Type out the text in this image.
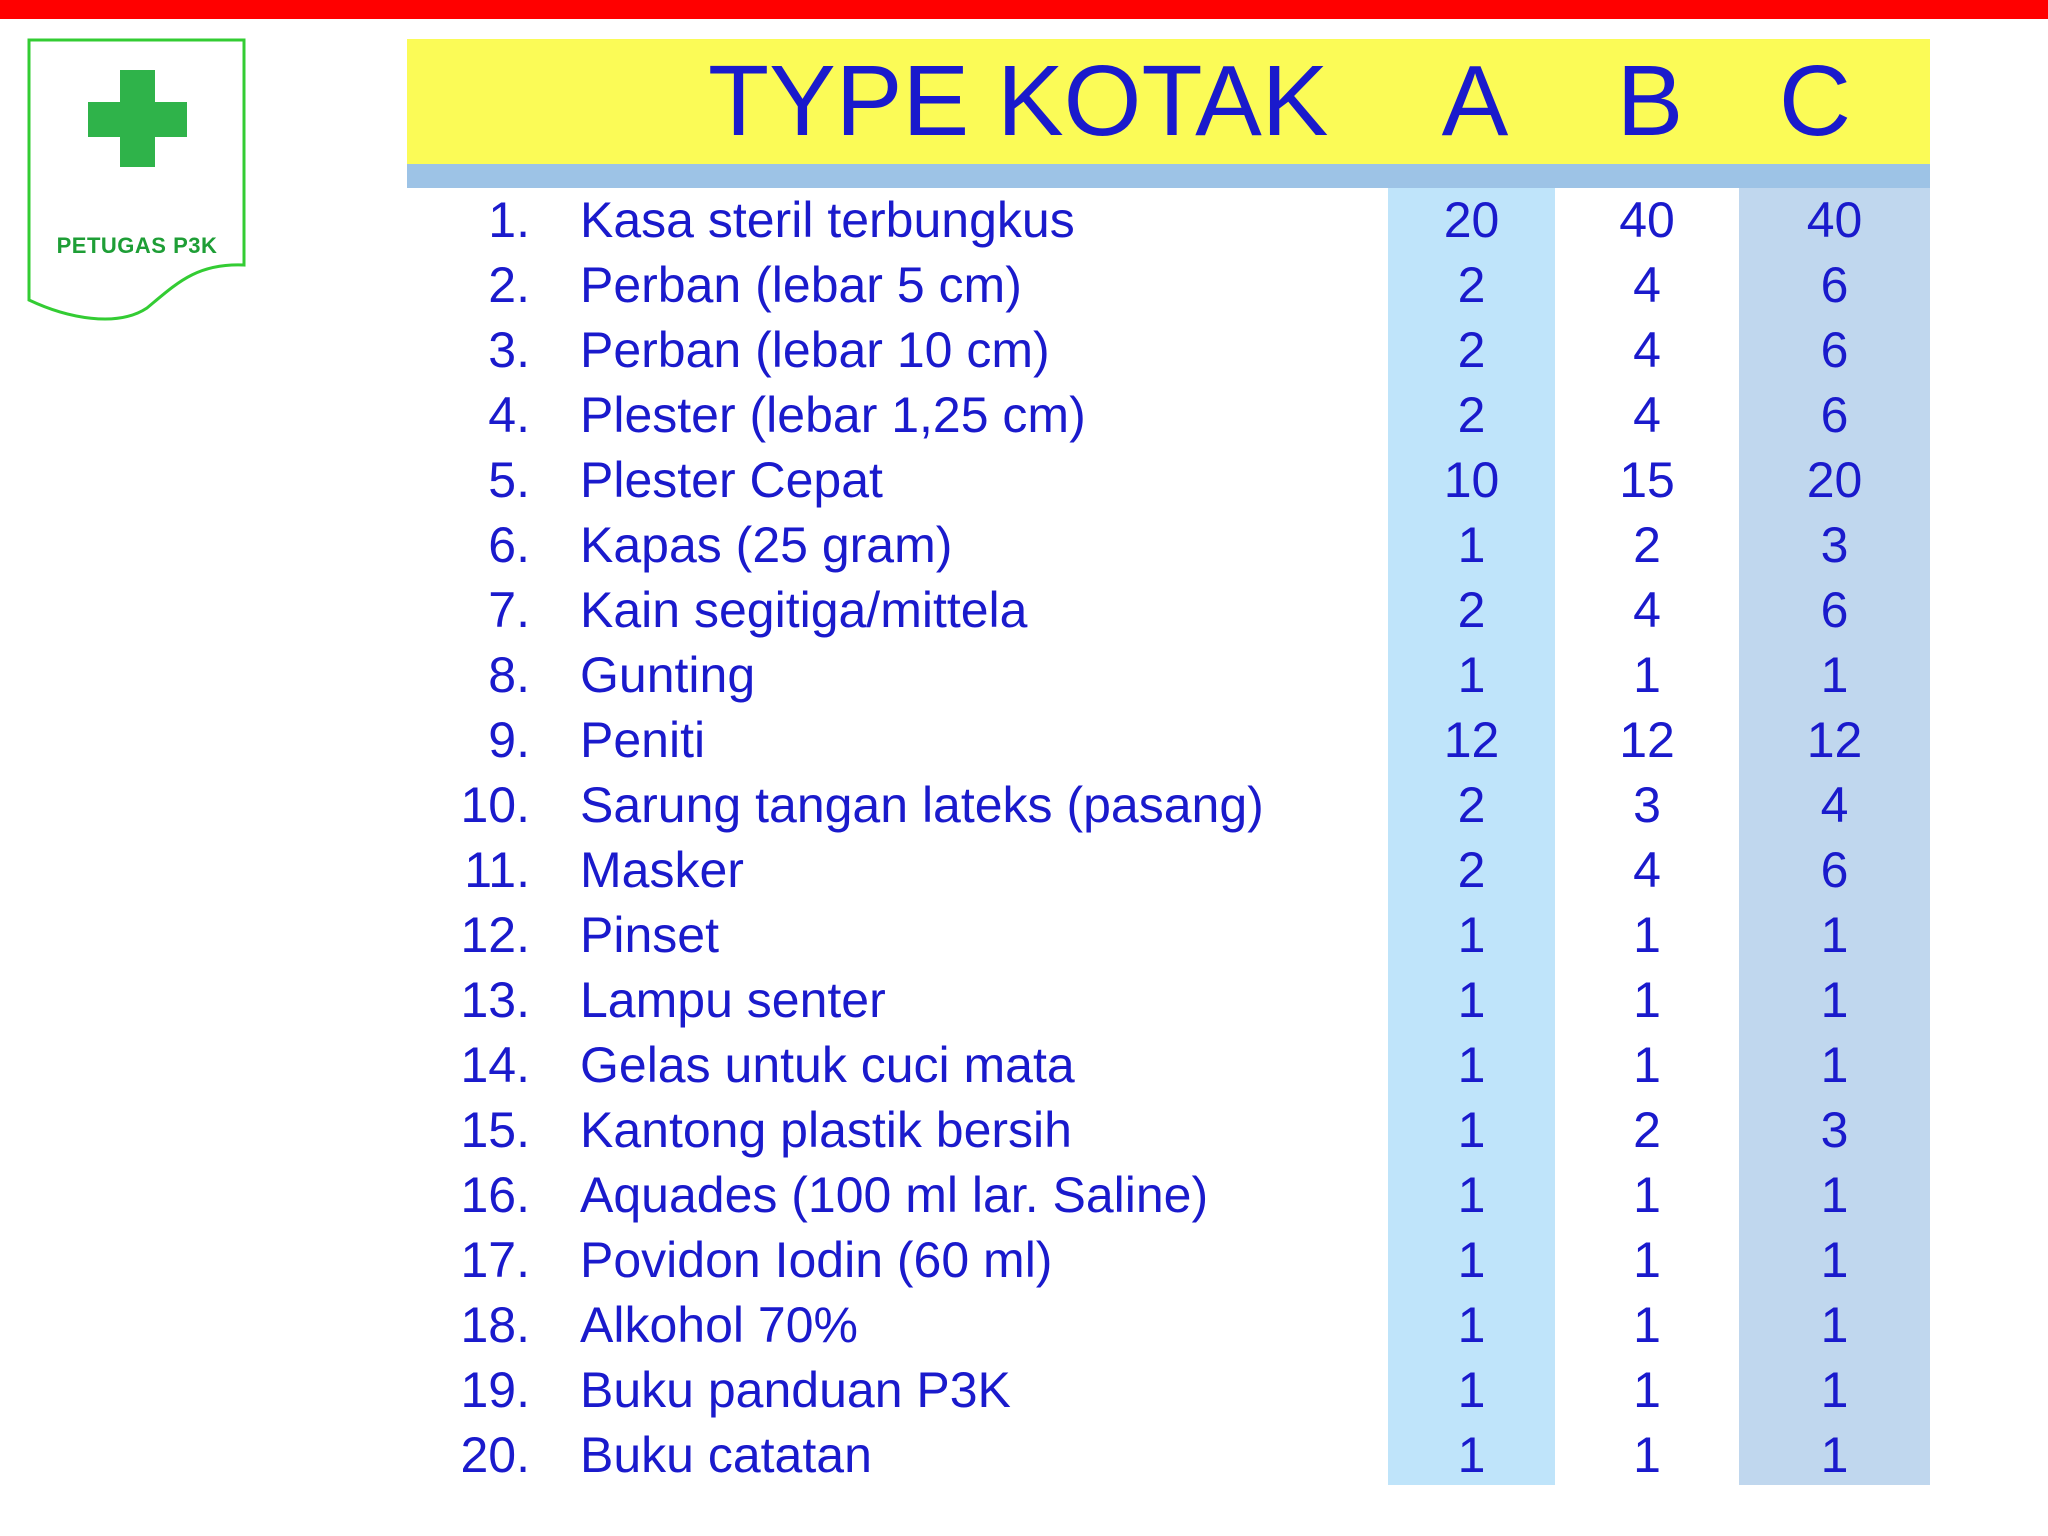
PETUGAS P3K
TYPE KOTAK A B C
1. Kasa steril terbungkus	20	40	40
2. Perban (lebar 5 cm)	2	4	6
3. Perban (lebar 10 cm)	2	4	6
4. Plester (lebar 1,25 cm)	2	4	6
5. Plester Cepat	10	15	20
6. Kapas (25 gram)	1	2	3
7. Kain segitiga/mittela	2	4	6
8. Gunting	1	1	1
9. Peniti	12	12	12
10. Sarung tangan lateks (pasang)	2	3	4
11. Masker	2	4	6
12. Pinset	1	1	1
13. Lampu senter	1	1	1
14. Gelas untuk cuci mata	1	1	1
15. Kantong plastik bersih	1	2	3
16. Aquades (100 ml lar. Saline)	1	1	1
17. Povidon Iodin (60 ml)	1	1	1
18. Alkohol 70%	1	1	1
19. Buku panduan P3K	1	1	1
20. Buku catatan	1	1	1
